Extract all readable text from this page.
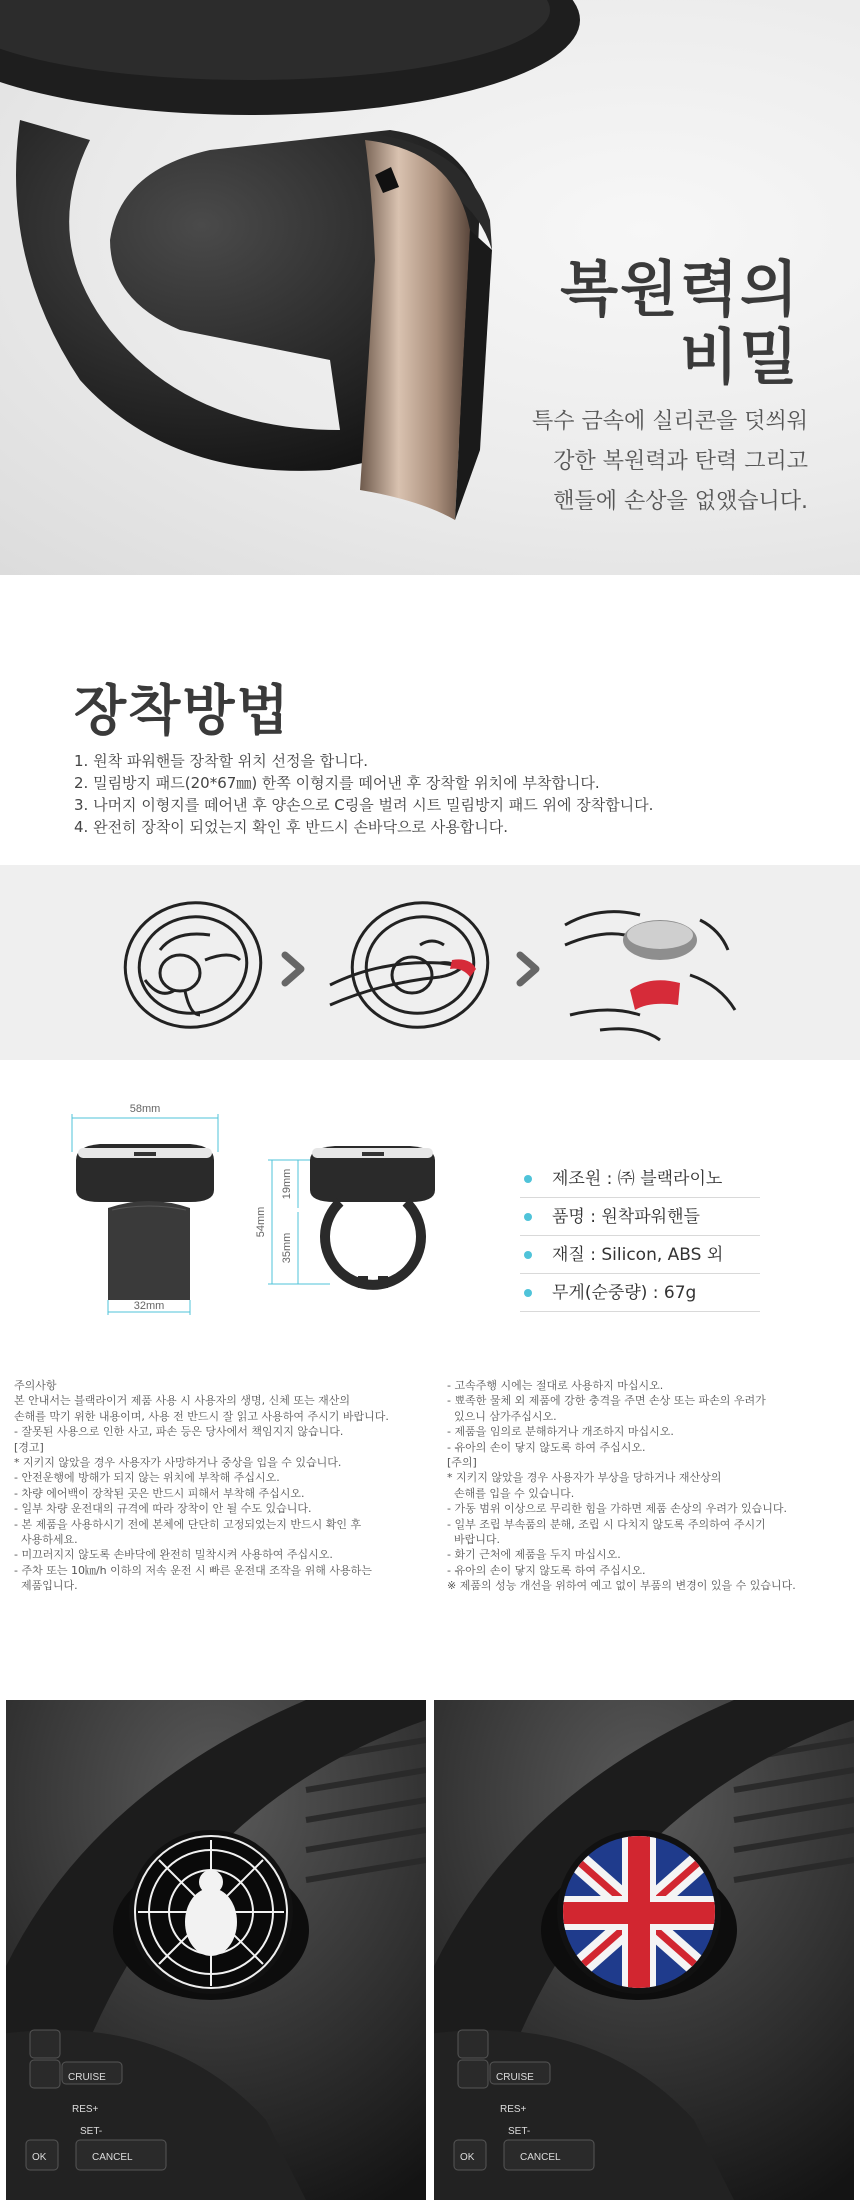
복원력의
비밀
특수 금속에 실리콘을 덧씌워
강한 복원력과 탄력 그리고
핸들에 손상을 없앴습니다.
장착방법
1. 원착 파워핸들 장착할 위치 선정을 합니다.
2. 밀림방지 패드(20*67㎜) 한쪽 이형지를 떼어낸 후 장착할 위치에 부착합니다.
3. 나머지 이형지를 떼어낸 후 양손으로 C링을 벌려 시트 밀림방지 패드 위에 장착합니다.
4. 완전히 장착이 되었는지 확인 후 반드시 손바닥으로 사용합니다.
58mm
32mm
54mm
19mm
35mm
제조원 : ㈜ 블랙라이노
품명 : 원착파워핸들
재질 : Silicon, ABS 외
무게(순중량) : 67g

주의사항

본 안내서는 블랙라이거 제품 사용 시 사용자의 생명, 신체 또는 재산의

손해를 막기 위한 내용이며, 사용 전 반드시 잘 읽고 사용하여 주시기 바랍니다.

- 잘못된 사용으로 인한 사고, 파손 등은 당사에서 책임지지 않습니다.

[경고]

* 지키지 않았을 경우 사용자가 사망하거나 중상을 입을 수 있습니다.

- 안전운행에 방해가 되지 않는 위치에 부착해 주십시오.

- 차량 에어백이 장착된 곳은 반드시 피해서 부착해 주십시오.

- 일부 차량 운전대의 규격에 따라 장착이 안 될 수도 있습니다.

- 본 제품을 사용하시기 전에 본체에 단단히 고정되었는지 반드시 확인 후

사용하세요.

- 미끄러지지 않도록 손바닥에 완전히 밀착시켜 사용하여 주십시오.

- 주차 또는 10㎞/h 이하의 저속 운전 시 빠른 운전대 조작을 위해 사용하는

제품입니다.

- 고속주행 시에는 절대로 사용하지 마십시오.

- 뾰족한 물체 외 제품에 강한 충격을 주면 손상 또는 파손의 우려가

있으니 삼가주십시오.

- 제품을 임의로 분해하거나 개조하지 마십시오.

- 유아의 손이 닿지 않도록 하여 주십시오.

[주의]

* 지키지 않았을 경우 사용자가 부상을 당하거나 재산상의

손해를 입을 수 있습니다.

- 가동 범위 이상으로 무리한 힘을 가하면 제품 손상의 우려가 있습니다.

- 일부 조립 부속품의 분해, 조립 시 다치지 않도록 주의하여 주시기

바랍니다.

- 화기 근처에 제품을 두지 마십시오.

- 유아의 손이 닿지 않도록 하여 주십시오.

※ 제품의 성능 개선을 위하여 예고 없이 부품의 변경이 있을 수 있습니다.

CRUISE
RES+
SET-
OK	CANCEL
CRUISE
RES+
SET-
OK	CANCEL
